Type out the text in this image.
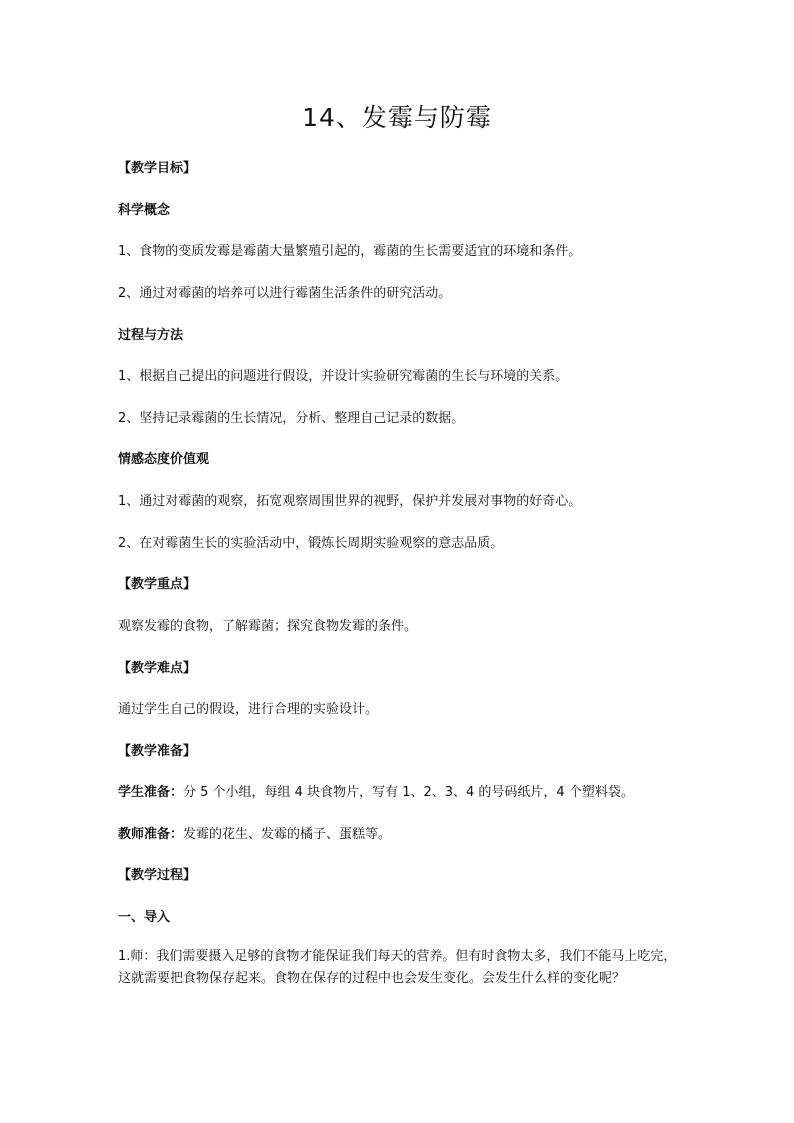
14、发霉与防霉
【教学目标】
科学概念
1、食物的变质发霉是霉菌大量繁殖引起的，霉菌的生长需要适宜的环境和条件。
2、通过对霉菌的培养可以进行霉菌生活条件的研究活动。
过程与方法
1、根据自己提出的问题进行假设，并设计实验研究霉菌的生长与环境的关系。
2、坚持记录霉菌的生长情况，分析、整理自己记录的数据。
情感态度价值观
1、通过对霉菌的观察，拓宽观察周围世界的视野，保护并发展对事物的好奇心。
2、在对霉菌生长的实验活动中，锻炼长周期实验观察的意志品质。
【教学重点】
观察发霉的食物，了解霉菌；探究食物发霉的条件。
【教学难点】
通过学生自己的假设，进行合理的实验设计。
【教学准备】
学生准备：分 5 个小组，每组 4 块食物片，写有 1、2、3、4 的号码纸片，4 个塑料袋。
教师准备：发霉的花生、发霉的橘子、蛋糕等。
【教学过程】
一、导入
1.师：我们需要摄入足够的食物才能保证我们每天的营养。但有时食物太多，我们不能马上吃完，这就需要把食物保存起来。食物在保存的过程中也会发生变化。会发生什么样的变化呢？
